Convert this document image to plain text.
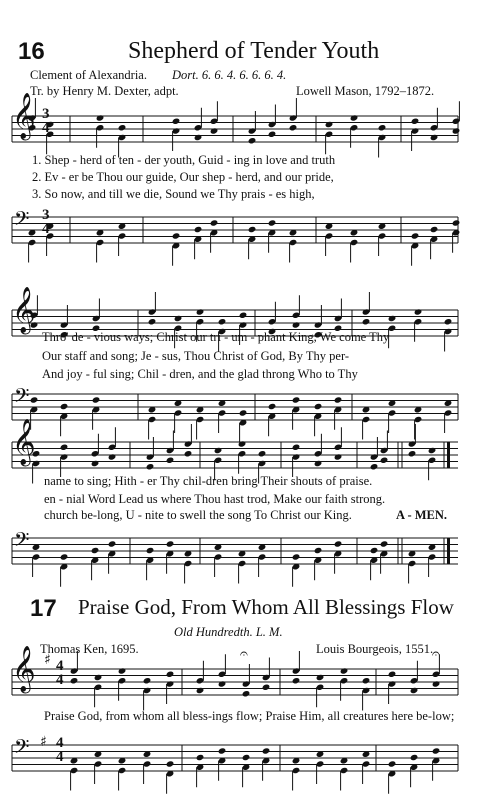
16	Shepherd of Tender Youth
Clement of Alexandria. Dort. 6. 6. 4. 6. 6. 6. 4.
Tr. by Henry M. Dexter, adpt.	Lowell Mason, 1792–1872.
𝄞 3
4
1. Shep - herd of ten - der youth, Guid - ing in love and truth
2. Ev - er be Thou our guide, Our shep - herd, and our pride,
3. So now, and till we die, Sound we Thy prais - es high,
𝄢 3
4
𝄞
Thro' de - vious ways; Christ our tri - um - phant King, We come Thy
Our staff and song; Je - sus, Thou Christ of God, By Thy per-
And joy - ful sing; Chil - dren, and the glad throng Who to Thy
𝄢
𝄞
name to sing; Hith - er Thy chil-dren bring Their shouts of praise.
en - nial Word Lead us where Thou hast trod, Make our faith strong.
church be-long, U - nite to swell the song To Christ our King.	A - MEN.
𝄢
17 Praise God, From Whom All Blessings Flow
Old Hundredth. L. M.
Thomas Ken, 1695.	Louis Bourgeois, 1551.
𝄞 ♯ 4
4
𝄐	𝄐
Praise God, from whom all bless-ings flow; Praise Him, all creatures here be-low;
𝄢 ♯ 4
4
